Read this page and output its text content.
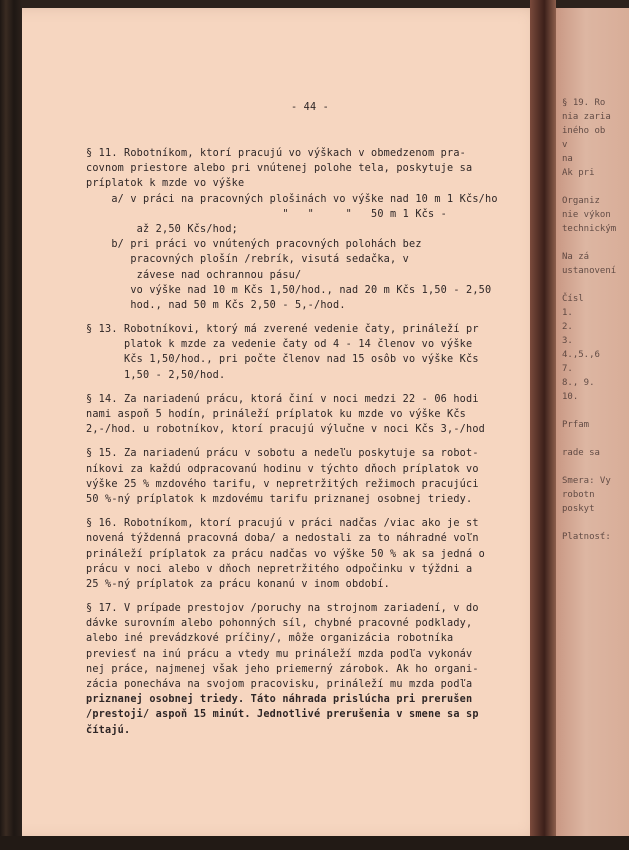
§ 19. Ro
nia zaria
iného ob
v
na
Ak pri
Organiz
nie výkon
technickým
Na zá
ustanovení
Čísl
1.
2.
3.
4.,5.,6
7.
8., 9.
10.
Prfam
rade sa
Smera: Vy
robotn
poskyt
Platnosť:

- 44 -

§ 11. Robotníkom, ktorí pracujú vo výškach v obmedzenom pra-
covnom priestore alebo pri vnútenej polohe tela, poskytuje sa
príplatok k mzde vo výške
a/ v práci na pracovných plošinách vo výške nad 10 m 1 Kčs/ho
"   "     "   50 m 1 Kčs -
až 2,50 Kčs/hod;
b/ pri práci vo vnútených pracovných polohách bez
pracovných plošín /rebrík, visutá sedačka, v
závese nad ochrannou pásu/
vo výške nad 10 m Kčs 1,50/hod., nad 20 m Kčs 1,50 - 2,50
hod., nad 50 m Kčs 2,50 - 5,-/hod.
§ 13. Robotníkovi, ktorý má zverené vedenie čaty, prináleží pr
platok k mzde za vedenie čaty od 4 - 14 členov vo výške
Kčs 1,50/hod., pri počte členov nad 15 osôb vo výške Kčs
1,50 - 2,50/hod.
§ 14. Za nariadenú prácu, ktorá činí v noci medzi 22 - 06 hodi
nami aspoň 5 hodín, prináleží príplatok ku mzde vo výške Kčs
2,-/hod. u robotníkov, ktorí pracujú výlučne v noci Kčs 3,-/hod
§ 15. Za nariadenú prácu v sobotu a nedeľu poskytuje sa robot-
níkovi za každú odpracovanú hodinu v týchto dňoch príplatok vo
výške 25 % mzdového tarifu, v nepretržitých režimoch pracujúci
50 %-ný príplatok k mzdovému tarifu priznanej osobnej triedy.
§ 16. Robotníkom, ktorí pracujú v práci nadčas /viac ako je st
novená týždenná pracovná doba/ a nedostali za to náhradné voľn
prináleží príplatok za prácu nadčas vo výške 50 % ak sa jedná o
prácu v noci alebo v dňoch nepretržitého odpočinku v týždni a
25 %-ný príplatok za prácu konanú v inom období.
§ 17. V prípade prestojov /poruchy na strojnom zariadení, v do
dávke surovním alebo pohonných síl, chybné pracovné podklady,
alebo iné prevádzkové príčiny/, môže organizácia robotníka
previesť na inú prácu a vtedy mu prináleží mzda podľa vykonáv
nej práce, najmenej však jeho priemerný zárobok. Ak ho organi-
zácia ponecháva na svojom pracovisku, prináleží mu mzda podľa
priznanej osobnej triedy. Táto náhrada prislúcha pri prerušen
/prestoji/ aspoň 15 minút. Jednotlivé prerušenia v smene sa sp
čítajú.
